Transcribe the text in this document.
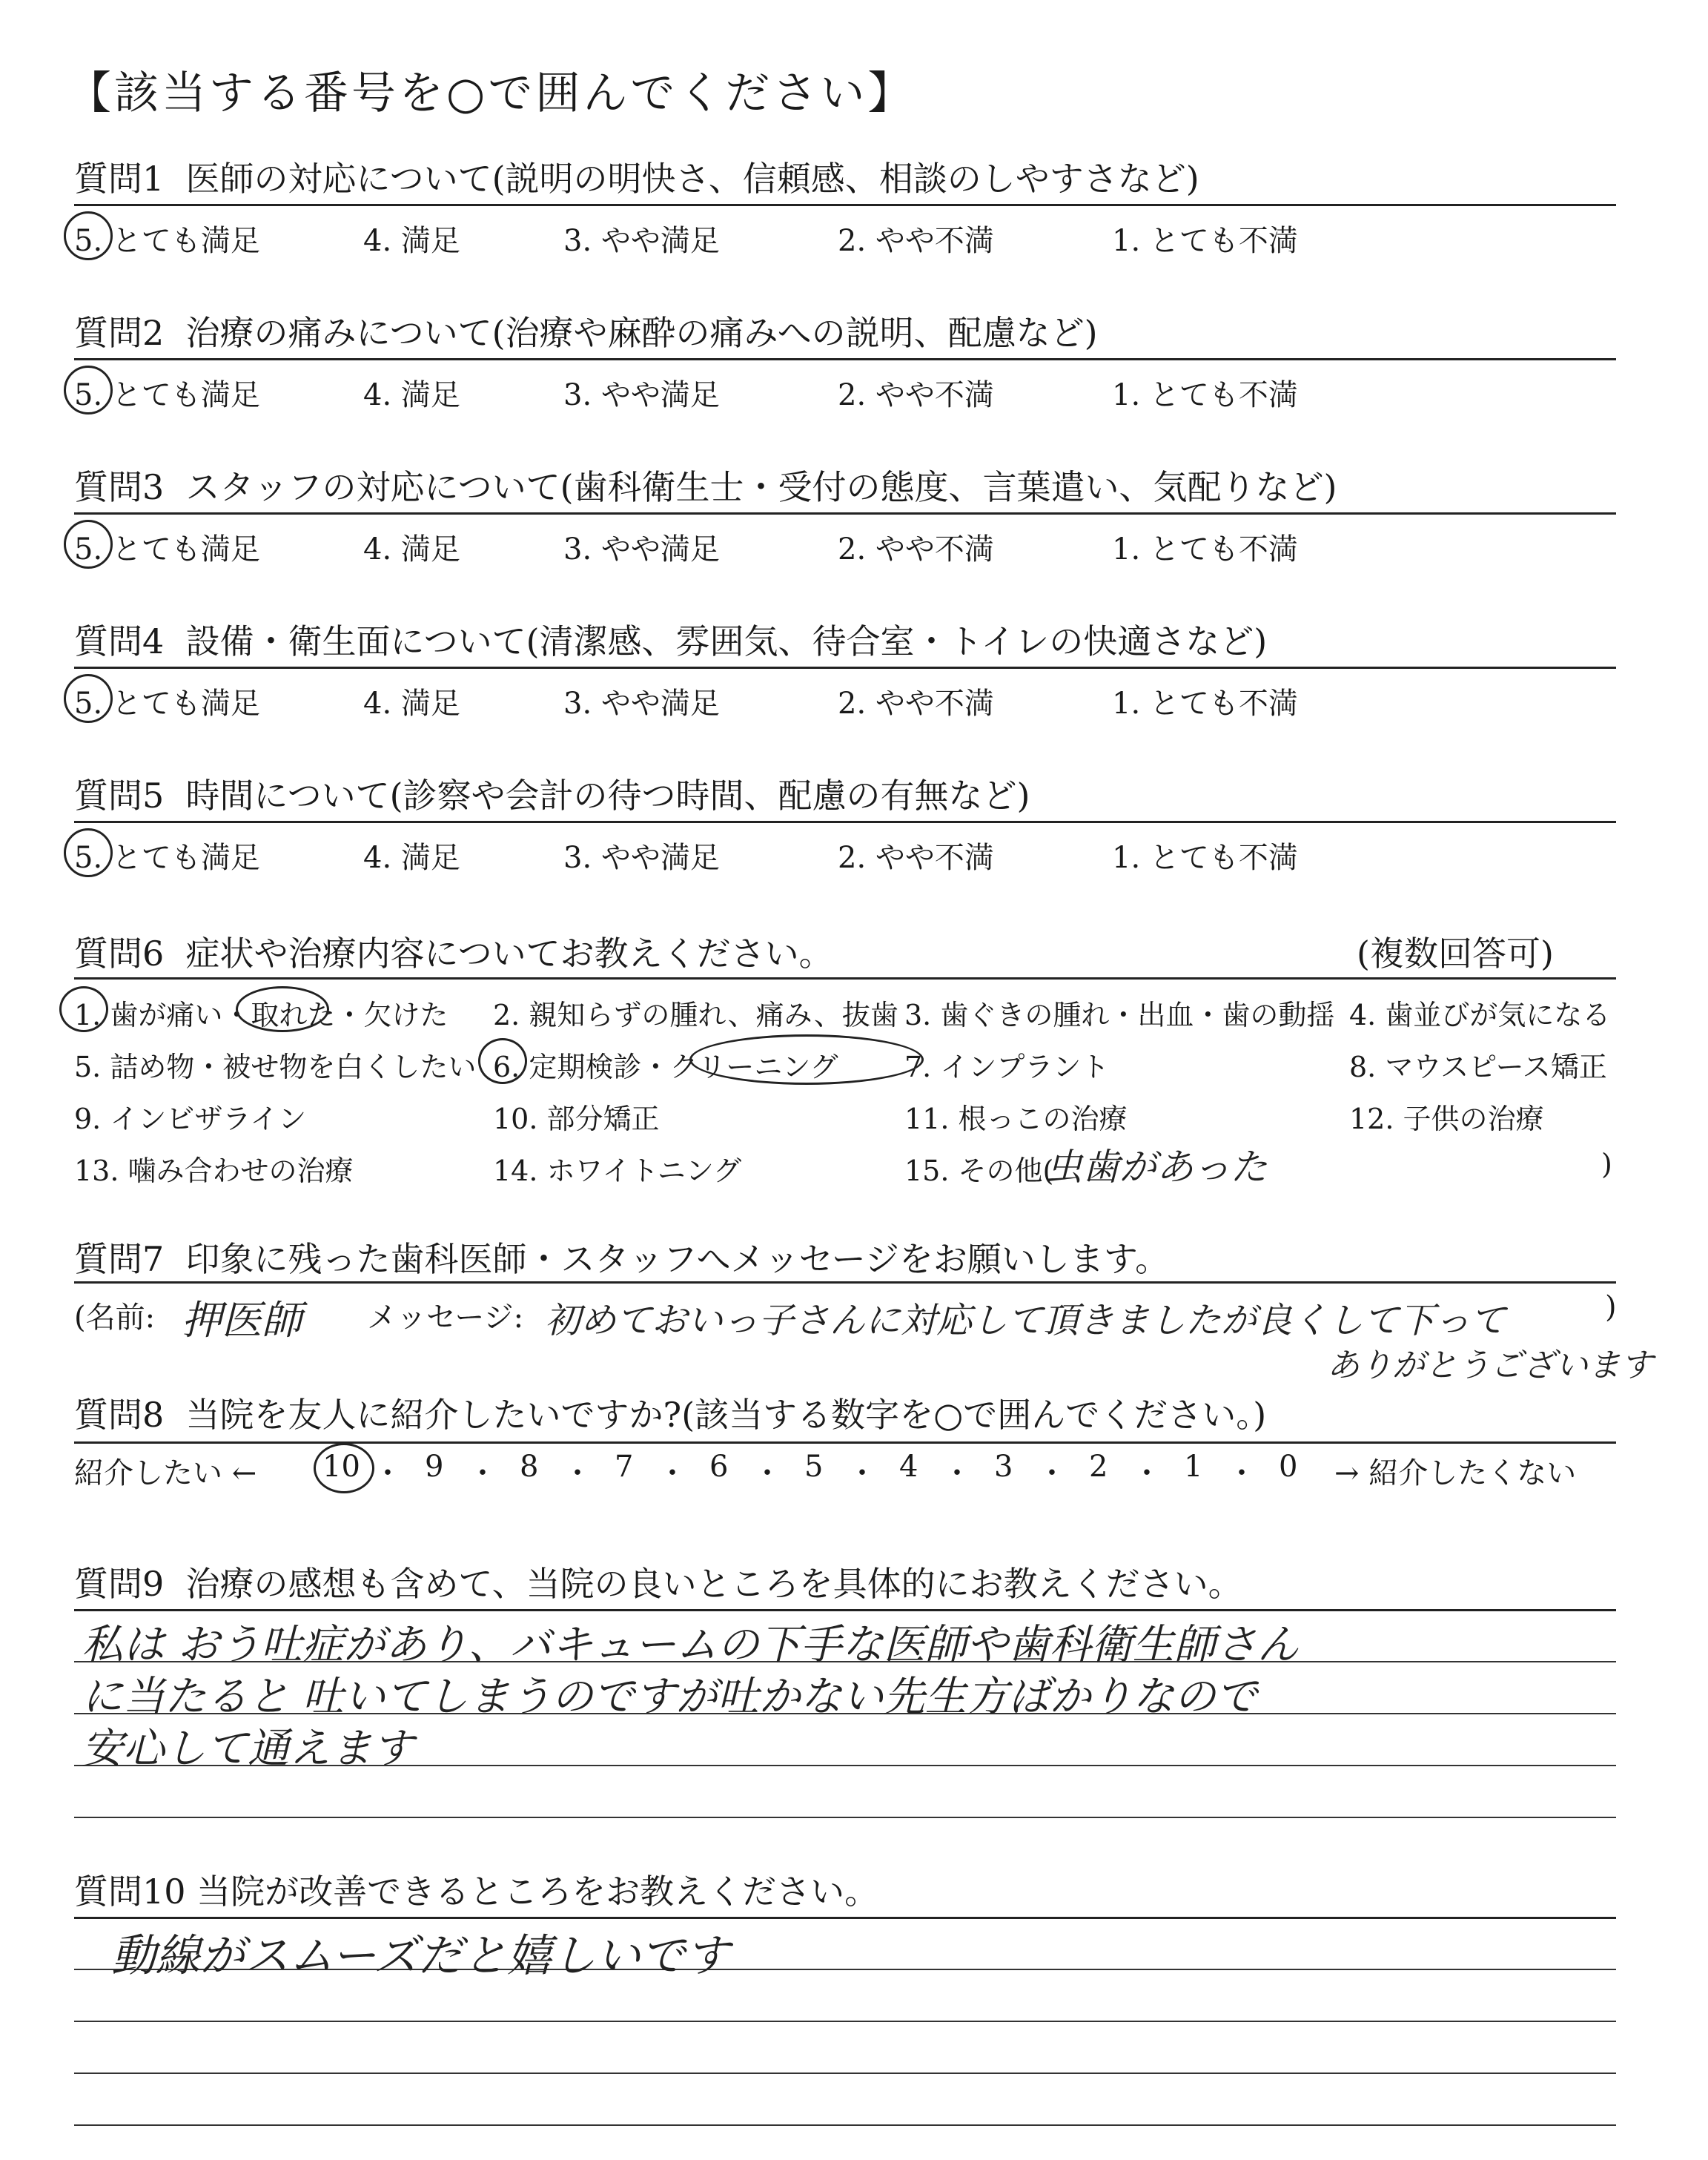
【該当する番号を○で囲んでください】
質問1 医師の対応について(説明の明快さ、信頼感、相談のしやすさなど)
5. とても満足	4. 満足	3. やや満足	2. やや不満	1. とても不満
質問2 治療の痛みについて(治療や麻酔の痛みへの説明、配慮など)
5. とても満足	4. 満足	3. やや満足	2. やや不満	1. とても不満
質問3 スタッフの対応について(歯科衛生士・受付の態度、言葉遣い、気配りなど)
5. とても満足	4. 満足	3. やや満足	2. やや不満	1. とても不満
質問4 設備・衛生面について(清潔感、雰囲気、待合室・トイレの快適さなど)
5. とても満足	4. 満足	3. やや満足	2. やや不満	1. とても不満
質問5 時間について(診察や会計の待つ時間、配慮の有無など)
5. とても満足	4. 満足	3. やや満足	2. やや不満	1. とても不満
質問6 症状や治療内容についてお教えください。	(複数回答可)
1. 歯が痛い・取れた・欠けた 2. 親知らずの腫れ、痛み、抜歯 3. 歯ぐきの腫れ・出血・歯の動揺 4. 歯並びが気になる
5. 詰め物・被せ物を白くしたい 6. 定期検診・クリーニング 7. インプラント	8. マウスピース矯正
9. インビザライン	10. 部分矯正	11. 根っこの治療	12. 子供の治療
13. 噛み合わせの治療	14. ホワイトニング	15. その他(	)
虫歯があった
質問7 印象に残った歯科医師・スタッフへメッセージをお願いします。
(名前: 押医師 メッセージ: 初めておいっ子さんに対応して頂きましたが良くして下って	)
ありがとうございます
質問8 当院を友人に紹介したいですか?(該当する数字を○で囲んでください。)
紹介したい ← 10 ・ 9 ・ 8 ・ 7 ・ 6 ・ 5 ・ 4 ・ 3 ・ 2 ・ 1 ・ 0 → 紹介したくない
質問9 治療の感想も含めて、当院の良いところを具体的にお教えください。
私は おう吐症があり、バキュームの下手な医師や歯科衛生師さん
に当たると 吐いてしまうのですが吐かない先生方ばかりなので
安心して通えます
質問10 当院が改善できるところをお教えください。
動線がスムーズだと嬉しいです
